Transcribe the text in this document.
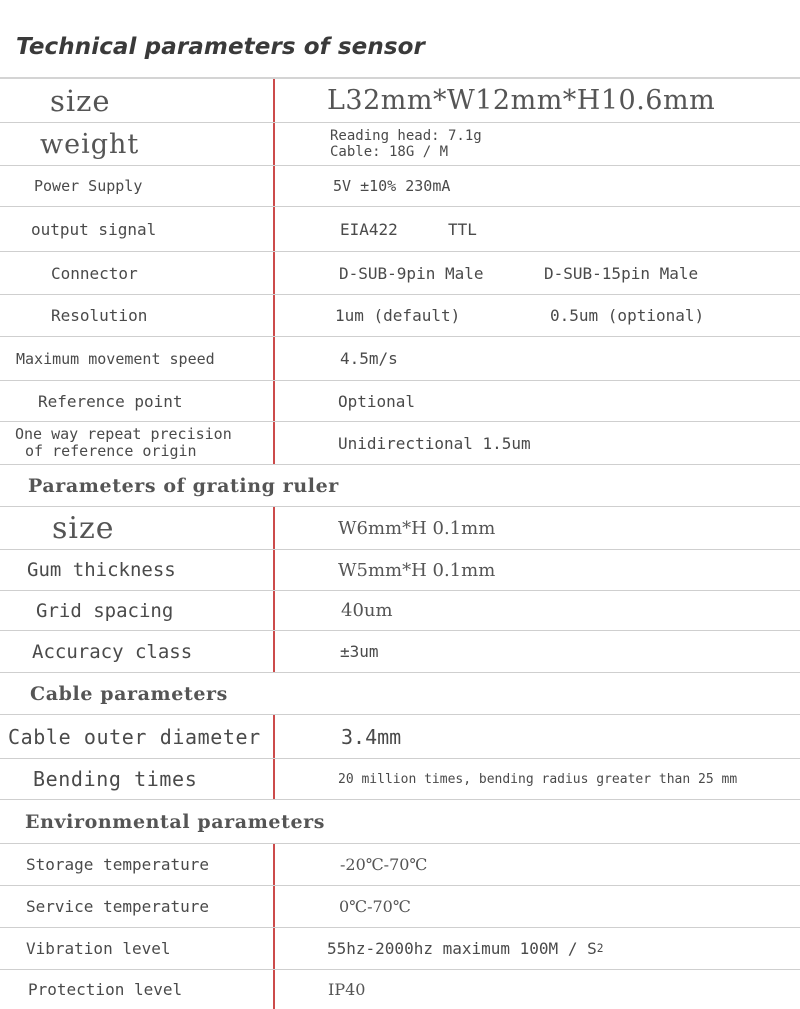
Technical parameters of sensor
size	L32mm*W12mm*H10.6mm
weight	Reading head: 7.1g
Cable: 18G / M
Power Supply	5V ±10% 230mA
output signal	EIA422	TTL
Connector	D-SUB-9pin Male	D-SUB-15pin Male
Resolution	1um (default)	0.5um (optional)
Maximum movement speed	4.5m/s
Reference point	Optional
One way repeat precision
of reference origin	Unidirectional 1.5um
Parameters of grating ruler
size	W6mm*H 0.1mm
Gum thickness	W5mm*H 0.1mm
Grid spacing	40um
Accuracy class	±3um
Cable parameters
Cable outer diameter	3.4mm
Bending times	20 million times, bending radius greater than 25 mm
Environmental parameters
Storage temperature	-20℃-70℃
Service temperature	0℃-70℃
Vibration level	55hz-2000hz maximum 100M / S 2
Protection level	IP40
